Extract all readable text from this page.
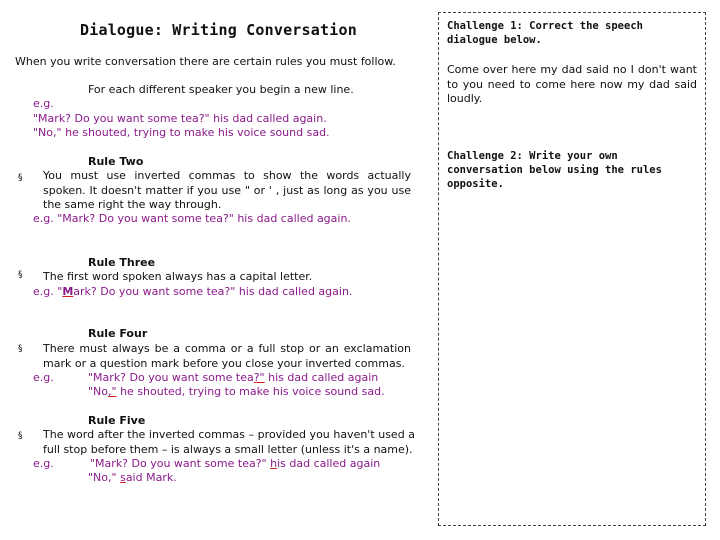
Dialogue: Writing Conversation
When you write conversation there are certain rules you must follow.
For each different speaker you begin a new line.
e.g.
"Mark? Do you want some tea?" his dad called again.
"No," he shouted, trying to make his voice sound sad.
§
Rule Two
You must use inverted commas to show the words actually spoken. It doesn't matter if you use " or ' , just as long as you use the same right the way through.
e.g. "Mark? Do you want some tea?" his dad called again.
§
Rule Three
The first word spoken always has a capital letter.
e.g. "Mark? Do you want some tea?" his dad called again.
§
Rule Four
There must always be a comma or a full stop or an exclamation mark or a question mark before you close your inverted commas.
e.g.	"Mark? Do you want some tea?" his dad called again
"No," he shouted, trying to make his voice sound sad.
§
Rule Five
The word after the inverted commas – provided you haven't used a full stop before them – is always a small letter (unless it's a name).
e.g.	"Mark? Do you want some tea?" his dad called again
"No," said Mark.
Challenge 1: Correct the speech dialogue below.
Come over here my dad said no I don't want to you need to come here now my dad said loudly.
Challenge 2: Write your own conversation below using the rules opposite.
